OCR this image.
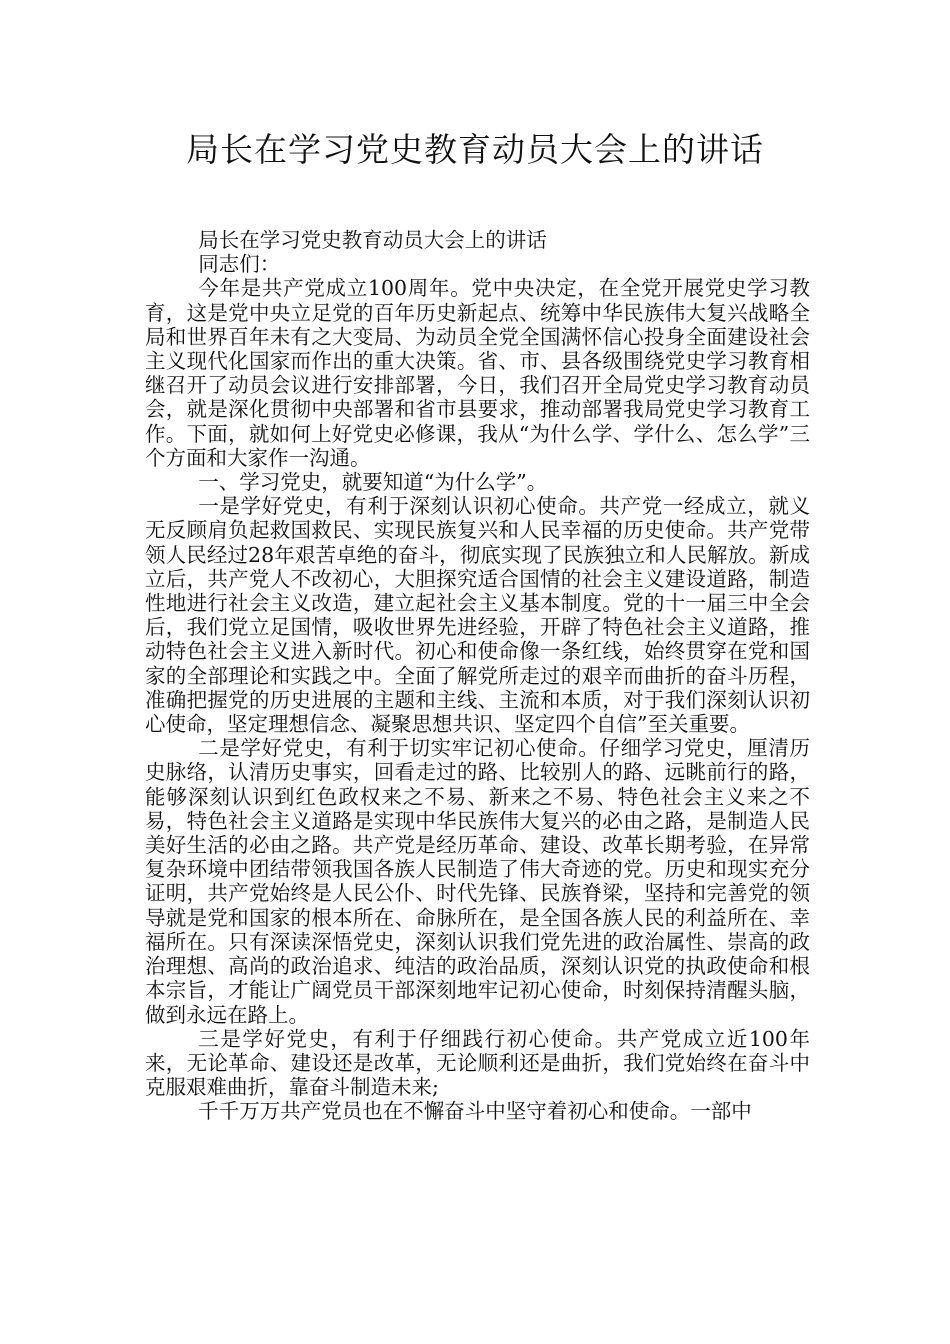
局长在学习党史教育动员大会上的讲话

局长在学习党史教育动员大会上的讲话

同志们：

今年是共产党成立100周年。党中央决定，在全党开展党史学习教育，这是党中央立足党的百年历史新起点、统筹中华民族伟大复兴战略全局和世界百年未有之大变局、为动员全党全国满怀信心投身全面建设社会主义现代化国家而作出的重大决策。省、市、县各级围绕党史学习教育相继召开了动员会议进行安排部署，今日，我们召开全局党史学习教育动员会，就是深化贯彻中央部署和省市县要求，推动部署我局党史学习教育工作。下面，就如何上好党史必修课，我从“为什么学、学什么、怎么学”三个方面和大家作一沟通。

一、学习党史，就要知道“为什么学”。

一是学好党史，有利于深刻认识初心使命。共产党一经成立，就义无反顾肩负起救国救民、实现民族复兴和人民幸福的历史使命。共产党带领人民经过28年艰苦卓绝的奋斗，彻底实现了民族独立和人民解放。新成立后，共产党人不改初心，大胆探究适合国情的社会主义建设道路，制造性地进行社会主义改造，建立起社会主义基本制度。党的十一届三中全会后，我们党立足国情，吸收世界先进经验，开辟了特色社会主义道路，推动特色社会主义进入新时代。初心和使命像一条红线，始终贯穿在党和国家的全部理论和实践之中。全面了解党所走过的艰辛而曲折的奋斗历程，准确把握党的历史进展的主题和主线、主流和本质，对于我们深刻认识初心使命，坚定理想信念、凝聚思想共识、坚定四个自信”至关重要。

二是学好党史，有利于切实牢记初心使命。仔细学习党史，厘清历史脉络，认清历史事实，回看走过的路、比较别人的路、远眺前行的路，能够深刻认识到红色政权来之不易、新来之不易、特色社会主义来之不易，特色社会主义道路是实现中华民族伟大复兴的必由之路，是制造人民美好生活的必由之路。共产党是经历革命、建设、改革长期考验，在异常复杂环境中团结带领我国各族人民制造了伟大奇迹的党。历史和现实充分证明，共产党始终是人民公仆、时代先锋、民族脊梁，坚持和完善党的领导就是党和国家的根本所在、命脉所在，是全国各族人民的利益所在、幸福所在。只有深读深悟党史，深刻认识我们党先进的政治属性、崇高的政治理想、高尚的政治追求、纯洁的政治品质，深刻认识党的执政使命和根本宗旨，才能让广阔党员干部深刻地牢记初心使命，时刻保持清醒头脑，做到永远在路上。

三是学好党史，有利于仔细践行初心使命。共产党成立近100年来，无论革命、建设还是改革，无论顺利还是曲折，我们党始终在奋斗中克服艰难曲折，靠奋斗制造未来;

千千万万共产党员也在不懈奋斗中坚守着初心和使命。一部中
